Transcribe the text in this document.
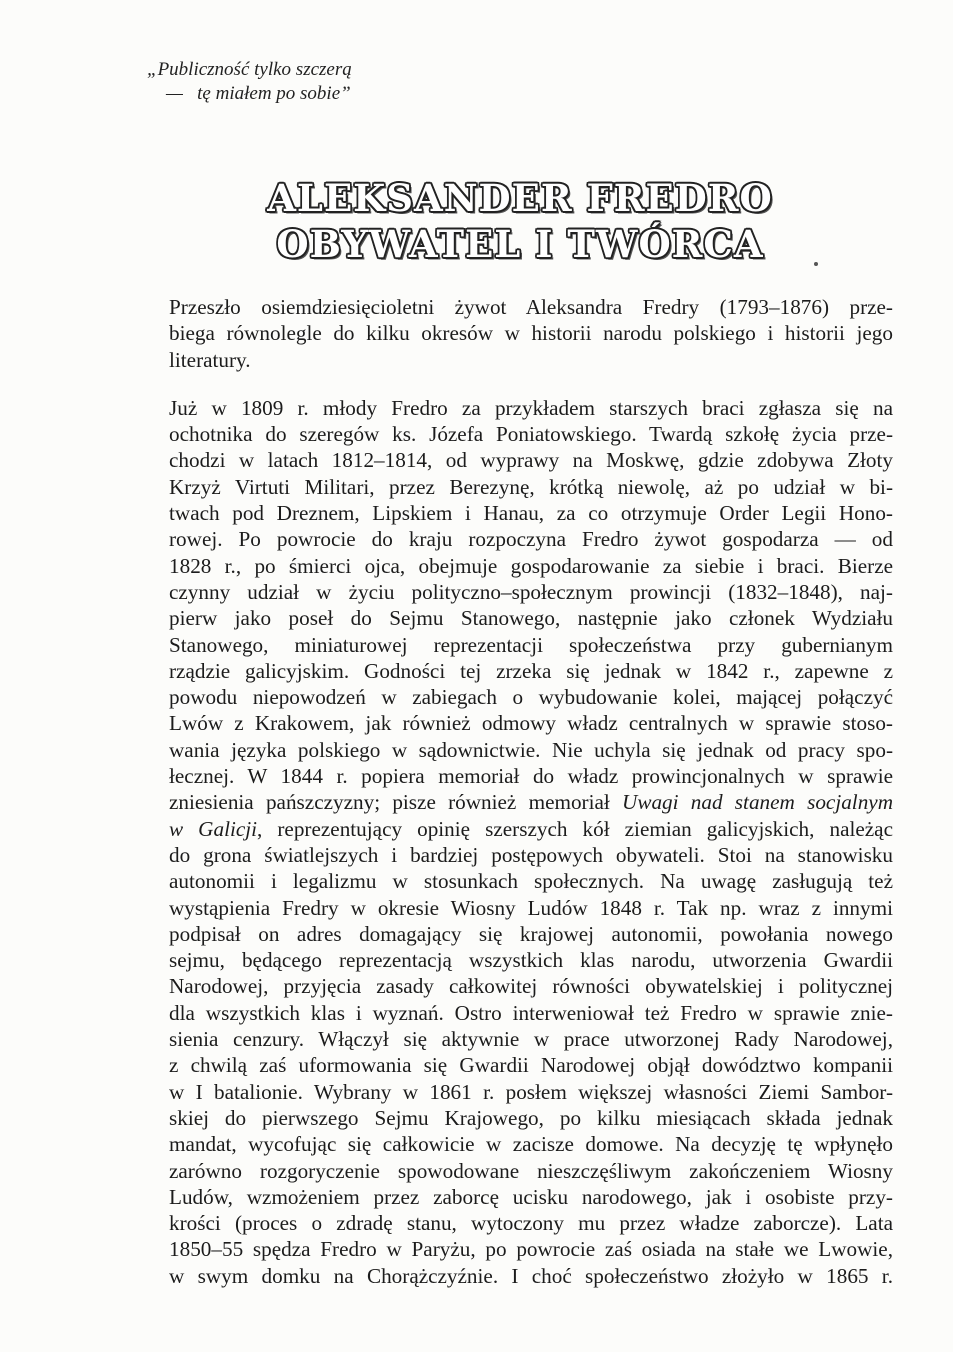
„Publiczność tylko szczerą
—   tę miałem po sobie”
ALEKSANDER FREDRO
OBYWATEL I TWÓRCA
Przeszło osiemdziesięcioletni żywot Aleksandra Fredry (1793–1876) prze-
biega równolegle do kilku okresów w historii narodu polskiego i historii jego
literatury.
Już w 1809 r. młody Fredro za przykładem starszych braci zgłasza się na
ochotnika do szeregów ks. Józefa Poniatowskiego. Twardą szkołę życia prze-
chodzi w latach 1812–1814, od wyprawy na Moskwę, gdzie zdobywa Złoty
Krzyż Virtuti Militari, przez Berezynę, krótką niewolę, aż po udział w bi-
twach pod Dreznem, Lipskiem i Hanau, za co otrzymuje Order Legii Hono-
rowej. Po powrocie do kraju rozpoczyna Fredro żywot gospodarza — od
1828 r., po śmierci ojca, obejmuje gospodarowanie za siebie i braci. Bierze
czynny udział w życiu polityczno–społecznym prowincji (1832–1848), naj-
pierw jako poseł do Sejmu Stanowego, następnie jako członek Wydziału
Stanowego, miniaturowej reprezentacji społeczeństwa przy gubernianym
rządzie galicyjskim. Godności tej zrzeka się jednak w 1842 r., zapewne z
powodu niepowodzeń w zabiegach o wybudowanie kolei, mającej połączyć
Lwów z Krakowem, jak również odmowy władz centralnych w sprawie stoso-
wania języka polskiego w sądownictwie. Nie uchyla się jednak od pracy spo-
łecznej. W 1844 r. popiera memoriał do władz prowincjonalnych w sprawie
zniesienia pańszczyzny; pisze również memoriał Uwagi nad stanem socjalnym
w Galicji, reprezentujący opinię szerszych kół ziemian galicyjskich, należąc
do grona światlejszych i bardziej postępowych obywateli. Stoi na stanowisku
autonomii i legalizmu w stosunkach społecznych. Na uwagę zasługują też
wystąpienia Fredry w okresie Wiosny Ludów 1848 r. Tak np. wraz z innymi
podpisał on adres domagający się krajowej autonomii, powołania nowego
sejmu, będącego reprezentacją wszystkich klas narodu, utworzenia Gwardii
Narodowej, przyjęcia zasady całkowitej równości obywatelskiej i politycznej
dla wszystkich klas i wyznań. Ostro interweniował też Fredro w sprawie znie-
sienia cenzury. Włączył się aktywnie w prace utworzonej Rady Narodowej,
z chwilą zaś uformowania się Gwardii Narodowej objął dowództwo kompanii
w I batalionie. Wybrany w 1861 r. posłem większej własności Ziemi Sambor-
skiej do pierwszego Sejmu Krajowego, po kilku miesiącach składa jednak
mandat, wycofując się całkowicie w zacisze domowe. Na decyzję tę wpłynęło
zarówno rozgoryczenie spowodowane nieszczęśliwym zakończeniem Wiosny
Ludów, wzmożeniem przez zaborcę ucisku narodowego, jak i osobiste przy-
krości (proces o zdradę stanu, wytoczony mu przez władze zaborcze). Lata
1850–55 spędza Fredro w Paryżu, po powrocie zaś osiada na stałe we Lwowie,
w swym domku na Chorążczyźnie. I choć społeczeństwo złożyło w 1865 r.
